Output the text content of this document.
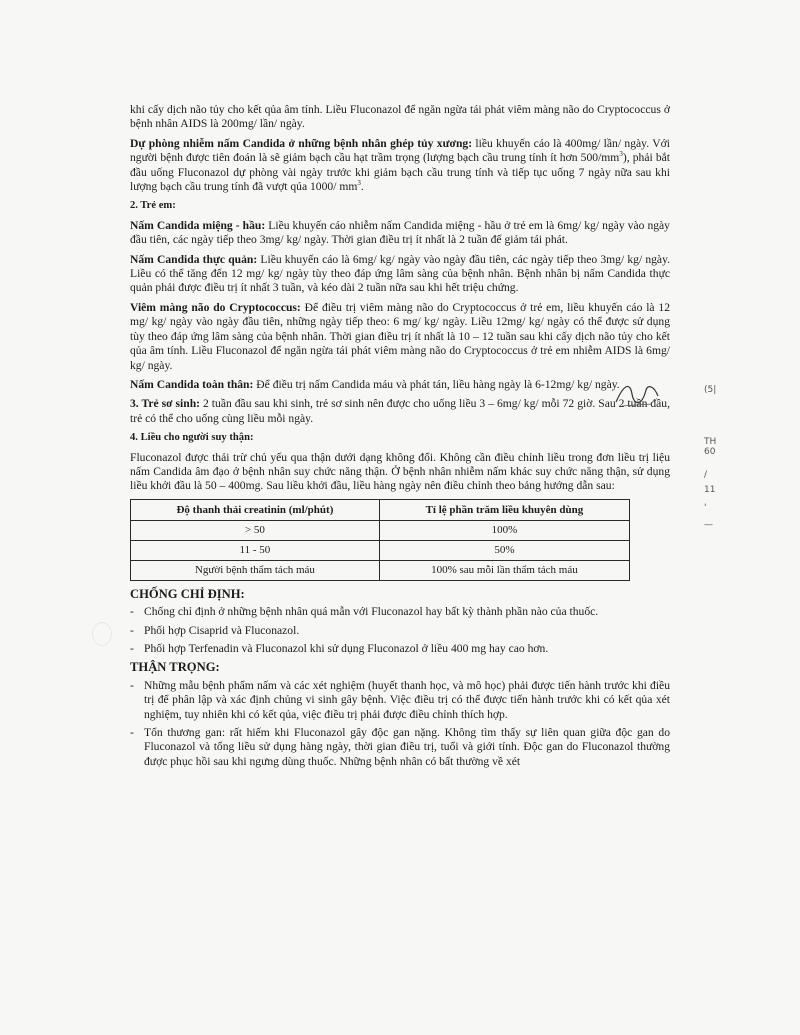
khi cấy dịch não tủy cho kết qủa âm tính. Liều Fluconazol để ngăn ngừa tái phát viêm màng não do Cryptococcus ở bệnh nhân AIDS là 200mg/ lần/ ngày.

Dự phòng nhiễm nấm Candida ở những bệnh nhân ghép tủy xương: liều khuyến cáo là 400mg/ lần/ ngày. Với người bệnh được tiên đoán là sẽ giảm bạch cầu hạt trầm trọng (lượng bạch cầu trung tính ít hơn $500/mm^3$), phải bắt đầu uống Fluconazol dự phòng vài ngày trước khi giảm bạch cầu trung tính và tiếp tục uống 7 ngày nữa sau khi lượng bạch cầu trung tính đã vượt qúa 1000/ $mm^3$.

2. Trẻ em:

Nấm Candida miệng - hầu: Liều khuyến cáo nhiễm nấm Candida miệng - hầu ở trẻ em là 6mg/ kg/ ngày vào ngày đầu tiên, các ngày tiếp theo 3mg/ kg/ ngày. Thời gian điều trị ít nhất là 2 tuần để giảm tái phát.

Nấm Candida thực quản: Liều khuyến cáo là 6mg/ kg/ ngày vào ngày đầu tiên, các ngày tiếp theo 3mg/ kg/ ngày. Liều có thể tăng đến 12 mg/ kg/ ngày tùy theo đáp ứng lâm sàng của bệnh nhân. Bệnh nhân bị nấm Candida thực quản phải được điều trị ít nhất 3 tuần, và kéo dài 2 tuần nữa sau khi hết triệu chứng.

Viêm màng não do Cryptococcus: Để điều trị viêm màng não do Cryptococcus ở trẻ em, liều khuyến cáo là 12 mg/ kg/ ngày vào ngày đầu tiên, những ngày tiếp theo: 6 mg/ kg/ ngày. Liều 12mg/ kg/ ngày có thể được sử dụng tùy theo đáp ứng lâm sàng của bệnh nhân. Thời gian điều trị ít nhất là 10 – 12 tuần sau khi cấy dịch não tủy cho kết qủa âm tính. Liều Fluconazol để ngăn ngừa tái phát viêm màng não do Cryptococcus ở trẻ em nhiễm AIDS là 6mg/ kg/ ngày.

Nấm Candida toàn thân: Để điều trị nấm Candida máu và phát tán, liều hàng ngày là 6-12mg/ kg/ ngày.

3. Trẻ sơ sinh: 2 tuần đầu sau khi sinh, trẻ sơ sinh nên được cho uống liều 3 – 6mg/ kg/ mỗi 72 giờ. Sau 2 tuần đầu, trẻ có thể cho uống cùng liều mỗi ngày.

4. Liều cho người suy thận:

Fluconazol được thải trừ chủ yếu qua thận dưới dạng không đổi. Không cần điều chỉnh liều trong đơn liều trị liệu nấm Candida âm đạo ở bệnh nhân suy chức năng thận. Ở bệnh nhân nhiễm nấm khác suy chức năng thận, sử dụng liều khởi đầu là 50 – 400mg. Sau liều khởi đầu, liều hàng ngày nên điều chỉnh theo bảng hướng dẫn sau:

Độ thanh thải creatinin (ml/phút)	Tỉ lệ phần trăm liều khuyên dùng
> 50	100%
11 - 50	50%
Người bệnh thẩm tách máu	100% sau mỗi lần thẩm tách máu

CHỐNG CHỈ ĐỊNH:

- Chống chỉ định ở những bệnh nhân quá mẫn với Fluconazol hay bất kỳ thành phần nào của thuốc.

- Phối hợp Cisaprid và Fluconazol.

- Phối hợp Terfenadin và Fluconazol khi sử dụng Fluconazol ở liều 400 mg hay cao hơn.

THẬN TRỌNG:

- Những mẫu bệnh phẩm nấm và các xét nghiệm (huyết thanh học, và mô học) phải được tiến hành trước khi điều trị để phân lập và xác định chủng vi sinh gây bệnh. Việc điều trị có thể được tiến hành trước khi có kết qủa xét nghiệm, tuy nhiên khi có kết qủa, việc điều trị phải được điều chỉnh thích hợp.

- Tổn thương gan: rất hiếm khi Fluconazol gây độc gan nặng. Không tìm thấy sự liên quan giữa độc gan do Fluconazol và tổng liều sử dụng hàng ngày, thời gian điều trị, tuổi và giới tính. Độc gan do Fluconazol thường được phục hồi sau khi ngưng dùng thuốc. Những bệnh nhân có bất thường về xét

(5|
TH
60
/
11
'
—
